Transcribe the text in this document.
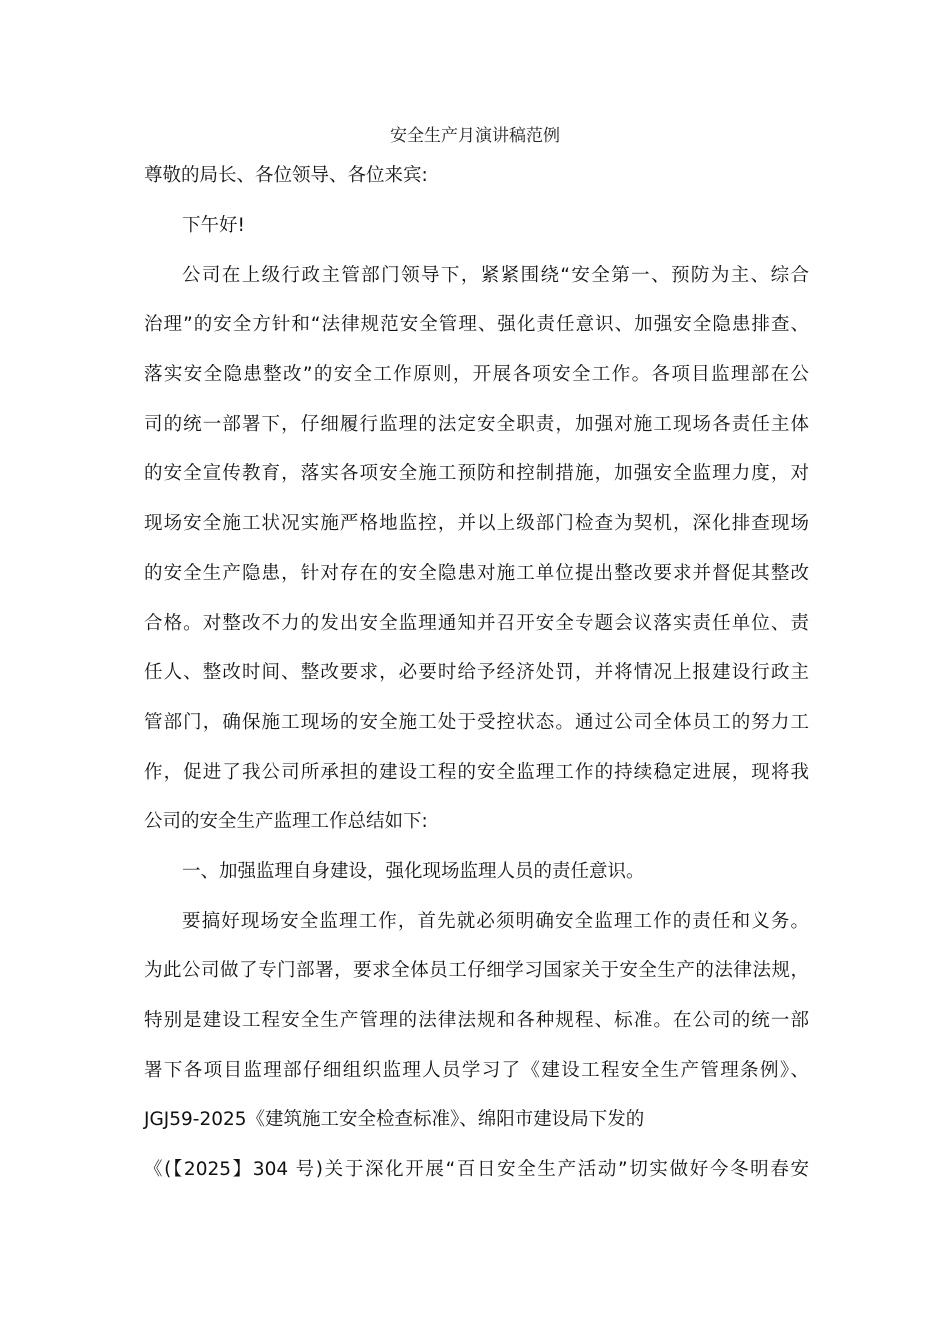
安全生产月演讲稿范例
尊敬的局长、各位领导、各位来宾:
下午好!
公司在上级行政主管部门领导下，紧紧围绕“安全第一、预防为主、综合
治理”的安全方针和“法律规范安全管理、强化责任意识、加强安全隐患排查、
落实安全隐患整改”的安全工作原则，开展各项安全工作。各项目监理部在公
司的统一部署下，仔细履行监理的法定安全职责，加强对施工现场各责任主体
的安全宣传教育，落实各项安全施工预防和控制措施，加强安全监理力度，对
现场安全施工状况实施严格地监控，并以上级部门检查为契机，深化排查现场
的安全生产隐患，针对存在的安全隐患对施工单位提出整改要求并督促其整改
合格。对整改不力的发出安全监理通知并召开安全专题会议落实责任单位、责
任人、整改时间、整改要求，必要时给予经济处罚，并将情况上报建设行政主
管部门，确保施工现场的安全施工处于受控状态。通过公司全体员工的努力工
作，促进了我公司所承担的建设工程的安全监理工作的持续稳定进展，现将我
公司的安全生产监理工作总结如下:
一、加强监理自身建设，强化现场监理人员的责任意识。
要搞好现场安全监理工作，首先就必须明确安全监理工作的责任和义务。
为此公司做了专门部署，要求全体员工仔细学习国家关于安全生产的法律法规，
特别是建设工程安全生产管理的法律法规和各种规程、标准。在公司的统一部
署下各项目监理部仔细组织监理人员学习了《建设工程安全生产管理条例》、
JGJ59-2025《建筑施工安全检查标准》、绵阳市建设局下发的
《(【2025】304 号)关于深化开展“百日安全生产活动”切实做好今冬明春安
